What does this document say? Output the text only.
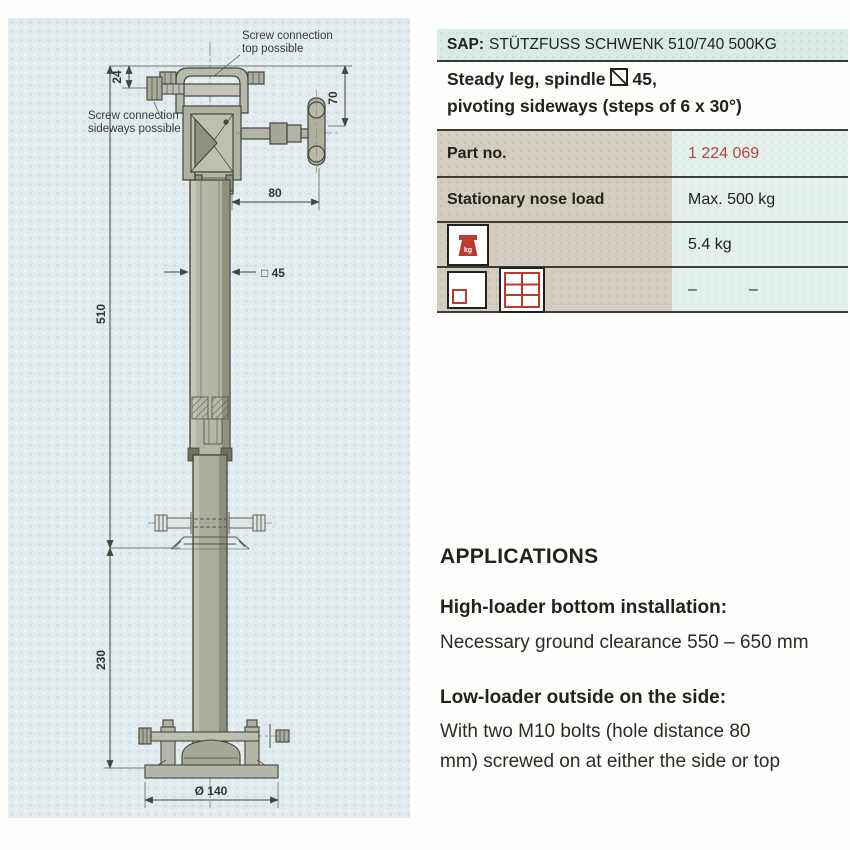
510
230
24
70
80
□ 45
Ø 140
Screw connection
top possible
Screw connection
sideways possible
SAP: STÜTZFUSS SCHWENK 510/740 500KG
Steady leg, spindle 45,
pivoting sideways (steps of 6 x 30°)
Part no.	1 224 069
Stationary nose load	Max. 500 kg
kg	5.4 kg
–	–
APPLICATIONS
High-loader bottom installation:
Necessary ground clearance 550 – 650 mm
Low-loader outside on the side:
With two M10 bolts (hole distance 80
mm) screwed on at either the side or top
